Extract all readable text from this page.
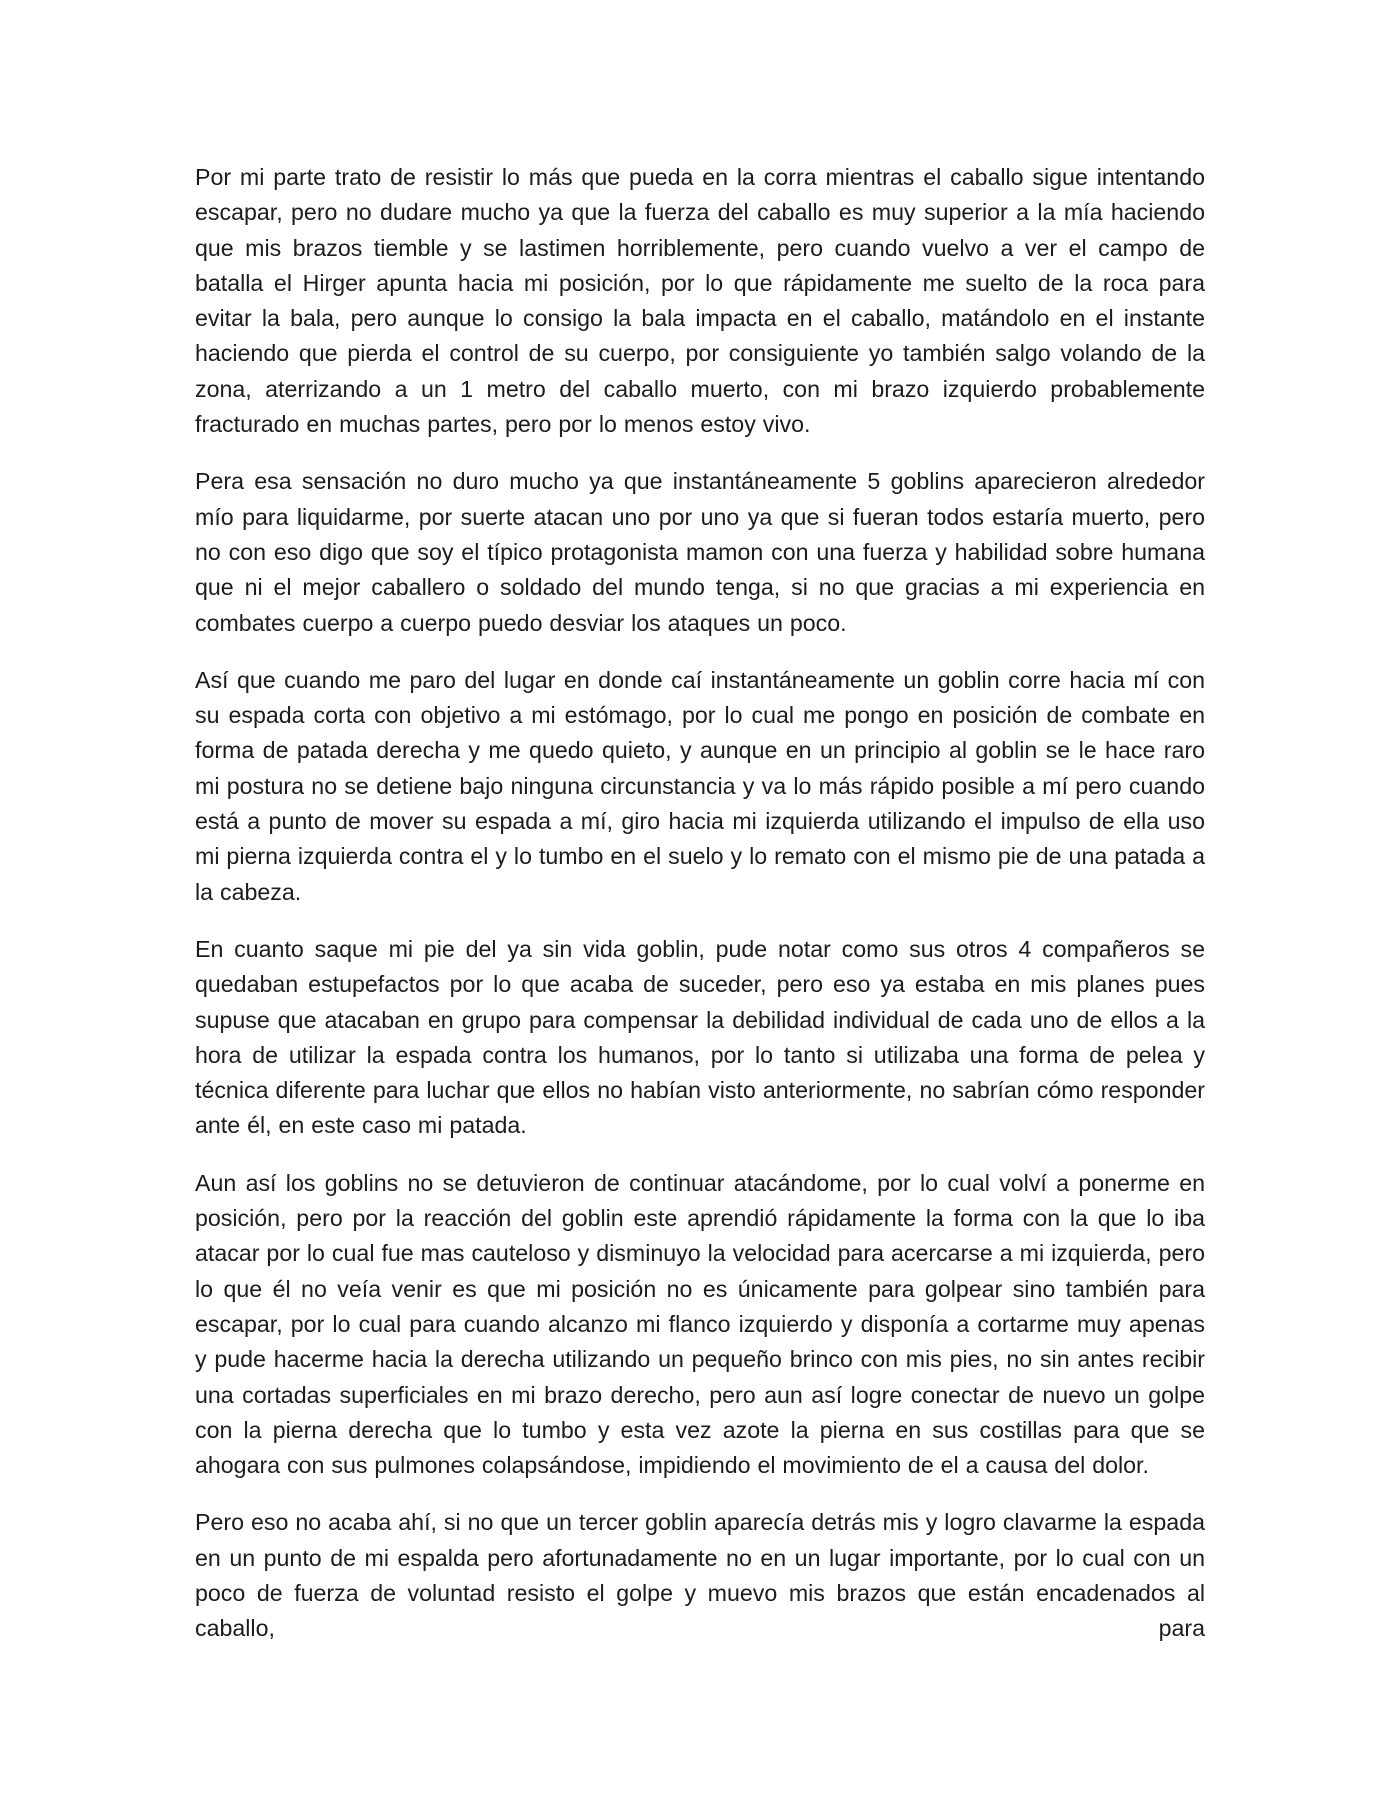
Por mi parte trato de resistir lo más que pueda en la corra mientras el caballo sigue intentando escapar, pero no dudare mucho ya que la fuerza del caballo es muy superior a la mía haciendo que mis brazos tiemble y se lastimen horriblemente, pero cuando vuelvo a ver el campo de batalla el Hirger apunta hacia mi posición, por lo que rápidamente me suelto de la roca para evitar la bala, pero aunque lo consigo la bala impacta en el caballo, matándolo en el instante haciendo que pierda el control de su cuerpo, por consiguiente yo también salgo volando de la zona, aterrizando a un 1 metro del caballo muerto, con mi brazo izquierdo probablemente fracturado en muchas partes, pero por lo menos estoy vivo.

Pera esa sensación no duro mucho ya que instantáneamente 5 goblins aparecieron alrededor mío para liquidarme, por suerte atacan uno por uno ya que si fueran todos estaría muerto, pero no con eso digo que soy el típico protagonista mamon con una fuerza y habilidad sobre humana que ni el mejor caballero o soldado del mundo tenga, si no que gracias a mi experiencia en combates cuerpo a cuerpo puedo desviar los ataques un poco.

Así que cuando me paro del lugar en donde caí instantáneamente un goblin corre hacia mí con su espada corta con objetivo a mi estómago, por lo cual me pongo en posición de combate en forma de patada derecha y me quedo quieto, y aunque en un principio al goblin se le hace raro mi postura no se detiene bajo ninguna circunstancia y va lo más rápido posible a mí pero cuando está a punto de mover su espada a mí, giro hacia mi izquierda utilizando el impulso de ella uso mi pierna izquierda contra el y lo tumbo en el suelo y lo remato con el mismo pie de una patada a la cabeza.

En cuanto saque mi pie del ya sin vida goblin, pude notar como sus otros 4 compañeros se quedaban estupefactos por lo que acaba de suceder, pero eso ya estaba en mis planes pues supuse que atacaban en grupo para compensar la debilidad individual de cada uno de ellos a la hora de utilizar la espada contra los humanos, por lo tanto si utilizaba una forma de pelea y técnica diferente para luchar que ellos no habían visto anteriormente, no sabrían cómo responder ante él, en este caso mi patada.

Aun así los goblins no se detuvieron de continuar atacándome, por lo cual volví a ponerme en posición, pero por la reacción del goblin este aprendió rápidamente la forma con la que lo iba atacar por lo cual fue mas cauteloso y disminuyo la velocidad para acercarse a mi izquierda, pero lo que él no veía venir es que mi posición no es únicamente para golpear sino también para escapar, por lo cual para cuando alcanzo mi flanco izquierdo y disponía a cortarme muy apenas y pude hacerme hacia la derecha utilizando un pequeño brinco con mis pies, no sin antes recibir una cortadas superficiales en mi brazo derecho, pero aun así logre conectar de nuevo un golpe con la pierna derecha que lo tumbo y esta vez azote la pierna en sus costillas para que se ahogara con sus pulmones colapsándose, impidiendo el movimiento de el a causa del dolor.

Pero eso no acaba ahí, si no que un tercer goblin aparecía detrás mis y logro clavarme la espada en un punto de mi espalda pero afortunadamente no en un lugar importante, por lo cual con un poco de fuerza de voluntad resisto el golpe y muevo mis brazos que están encadenados al caballo, para
